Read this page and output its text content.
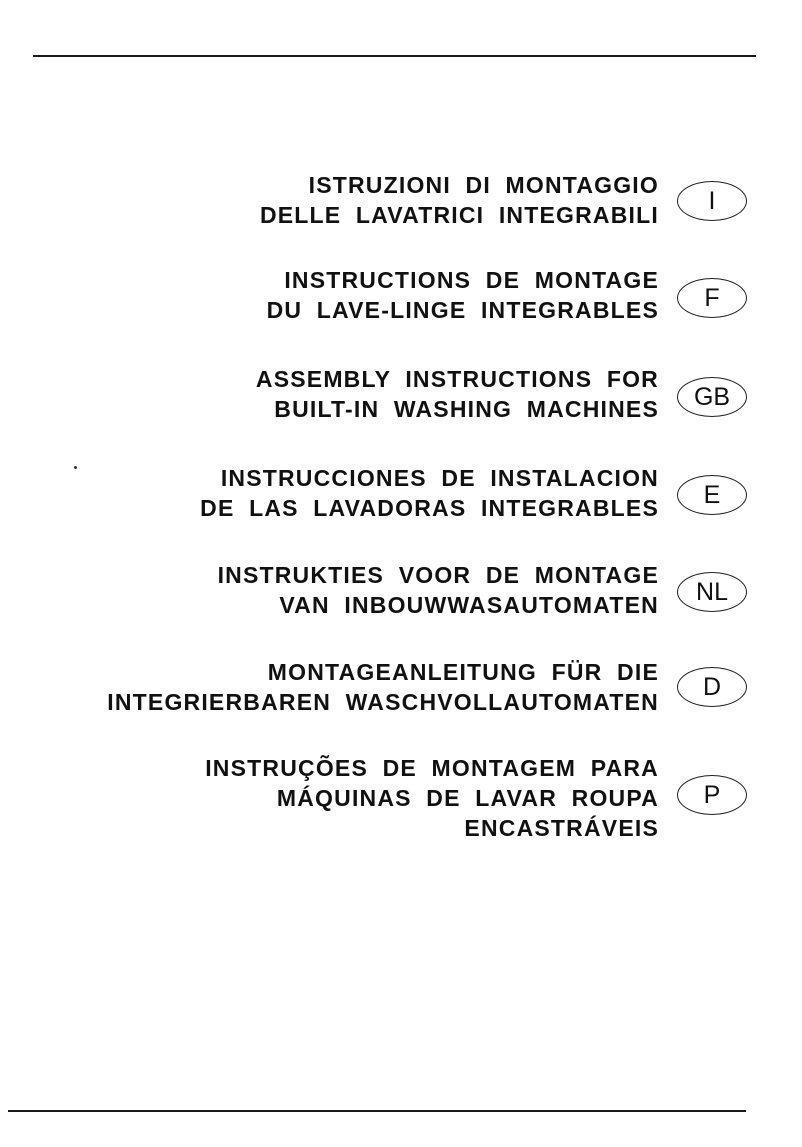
ISTRUZIONI DI MONTAGGIO
DELLE LAVATRICI INTEGRABILI
I
INSTRUCTIONS DE MONTAGE
DU LAVE-LINGE INTEGRABLES	F
ASSEMBLY INSTRUCTIONS FOR
BUILT-IN WASHING MACHINES	GB
INSTRUCCIONES DE INSTALACION
DE LAS LAVADORAS INTEGRABLES	E
INSTRUKTIES VOOR DE MONTAGE
VAN INBOUWWASAUTOMATEN	NL
MONTAGEANLEITUNG FÜR DIE
INTEGRIERBAREN WASCHVOLLAUTOMATEN
D
INSTRUÇÕES DE MONTAGEM PARA
MÁQUINAS DE LAVAR ROUPA
ENCASTRÁVEIS
P
